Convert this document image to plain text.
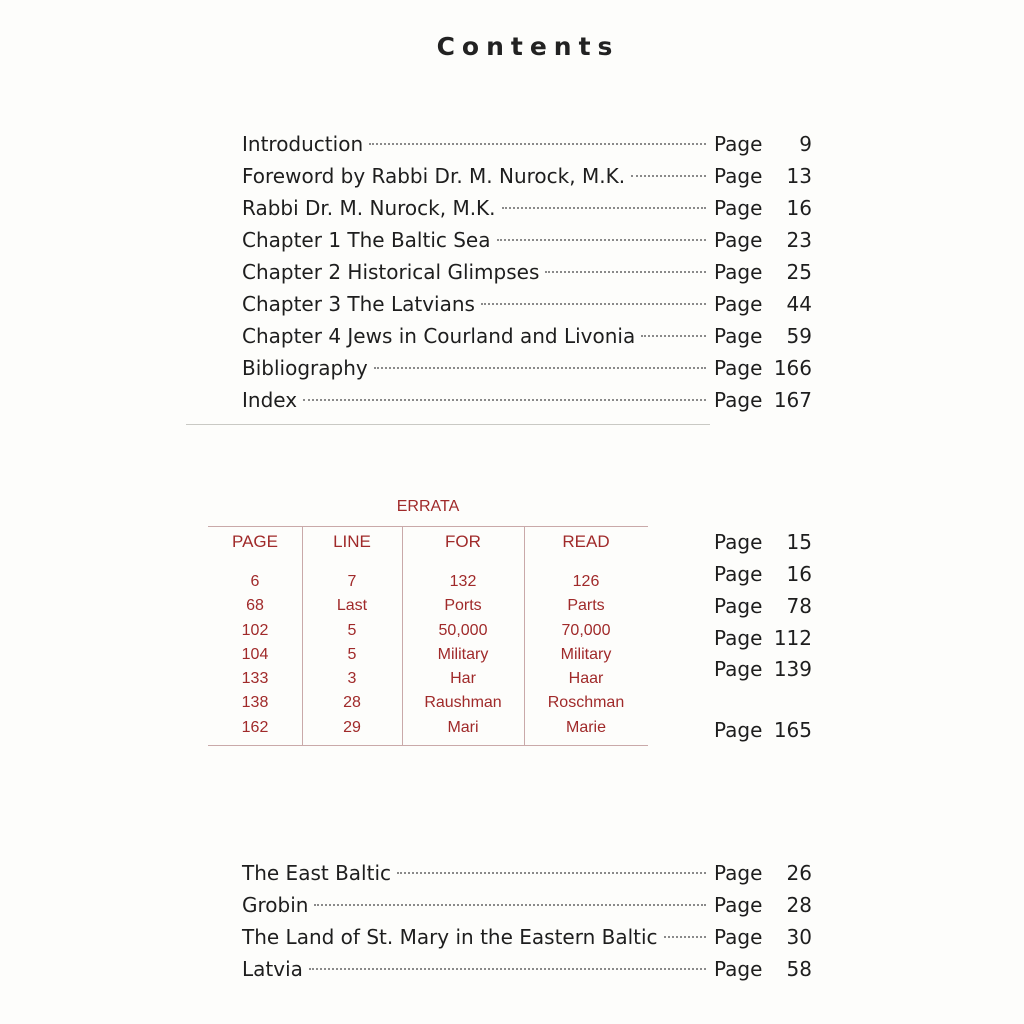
Contents
Introduction	Page	9
Foreword by Rabbi Dr. M. Nurock, M.K.	Page	13
Rabbi Dr. M. Nurock, M.K.	Page	16
Chapter 1 The Baltic Sea	Page	23
Chapter 2 Historical Glimpses	Page	25
Chapter 3 The Latvians	Page	44
Chapter 4 Jews in Courland and Livonia	Page	59
Bibliography	Page 166
Index	Page 167
ERRATA
PAGE	LINE	FOR	READ
6	7	132	126
68	Last	Ports	Parts
102	5	50,000	70,000
104	5	Military	Military
133	3	Har	Haar
138	28	Raushman	Roschman
162	29	Mari	Marie
Page	15
Page	16
Page	78
Page 112
Page 139
Page 165
The East Baltic	Page	26
Grobin	Page	28
The Land of St. Mary in the Eastern Baltic	Page	30
Latvia	Page	58
